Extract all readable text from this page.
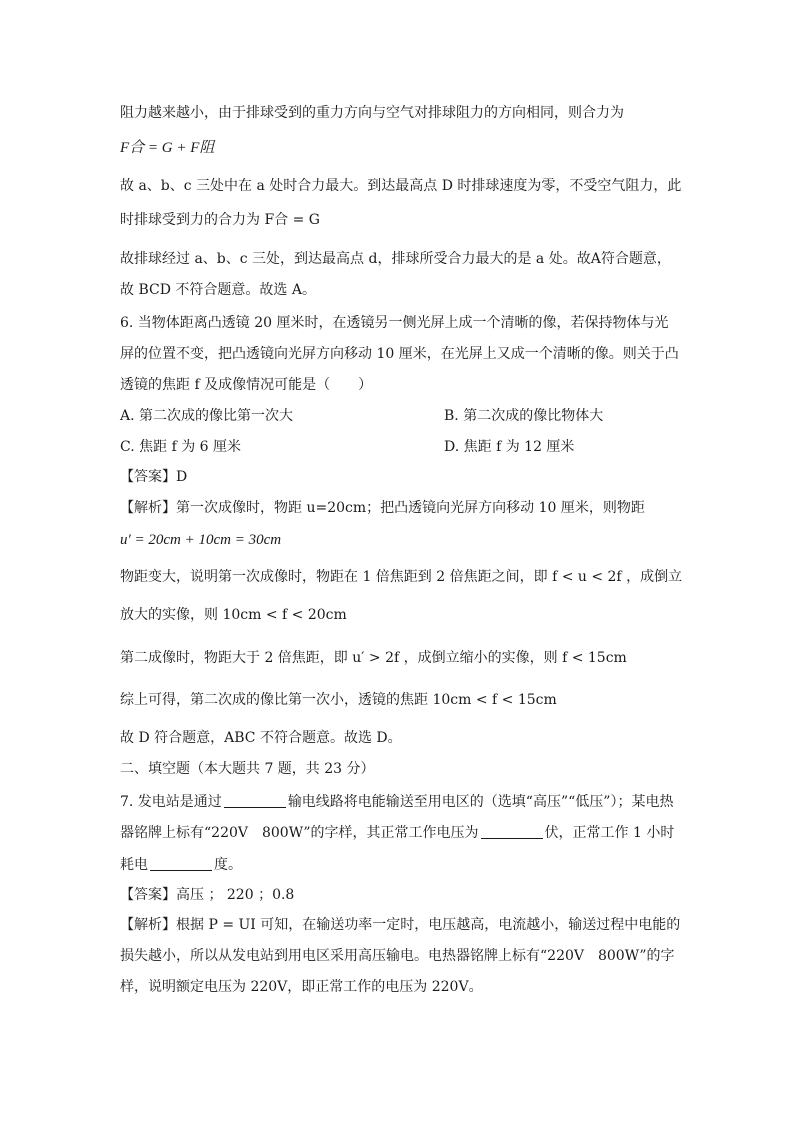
阻力越来越小，由于排球受到的重力方向与空气对排球阻力的方向相同，则合力为
F合 = G + F阻
故 a、b、c 三处中在 a 处时合力最大。到达最高点 D 时排球速度为零，不受空气阻力，此
时排球受到力的合力为 F合 = G
故排球经过 a、b、c 三处，到达最高点 d，排球所受合力最大的是 a 处。故A符合题意，
故 BCD 不符合题意。故选 A。
6. 当物体距离凸透镜 20 厘米时，在透镜另一侧光屏上成一个清晰的像，若保持物体与光
屏的位置不变，把凸透镜向光屏方向移动 10 厘米，在光屏上又成一个清晰的像。则关于凸
透镜的焦距 f 及成像情况可能是（　　）
A. 第二次成的像比第一次大	B. 第二次成的像比物体大
C. 焦距 f 为 6 厘米	D. 焦距 f 为 12 厘米
【答案】D
【解析】第一次成像时，物距 u=20cm；把凸透镜向光屏方向移动 10 厘米，则物距
u′ = 20cm + 10cm = 30cm
物距变大，说明第一次成像时，物距在 1 倍焦距到 2 倍焦距之间，即 f < u < 2f ，成倒立
放大的实像，则 10cm < f < 20cm
第二成像时，物距大于 2 倍焦距，即 u′ > 2f ，成倒立缩小的实像，则 f < 15cm
综上可得，第二次成的像比第一次小，透镜的焦距 10cm < f < 15cm
故 D 符合题意，ABC 不符合题意。故选 D。
二、填空题（本大题共 7 题，共 23 分）
7. 发电站是通过	输电线路将电能输送至用电区的（选填“高压”“低压”）；某电热
器铭牌上标有“220V　800W”的字样，其正常工作电压为	伏，正常工作 1 小时
耗电	度。
【答案】高压 ； 220 ；0.8
【解析】根据 P = UI 可知，在输送功率一定时，电压越高，电流越小，输送过程中电能的
损失越小，所以从发电站到用电区采用高压输电。电热器铭牌上标有“220V　800W”的字
样，说明额定电压为 220V，即正常工作的电压为 220V。
